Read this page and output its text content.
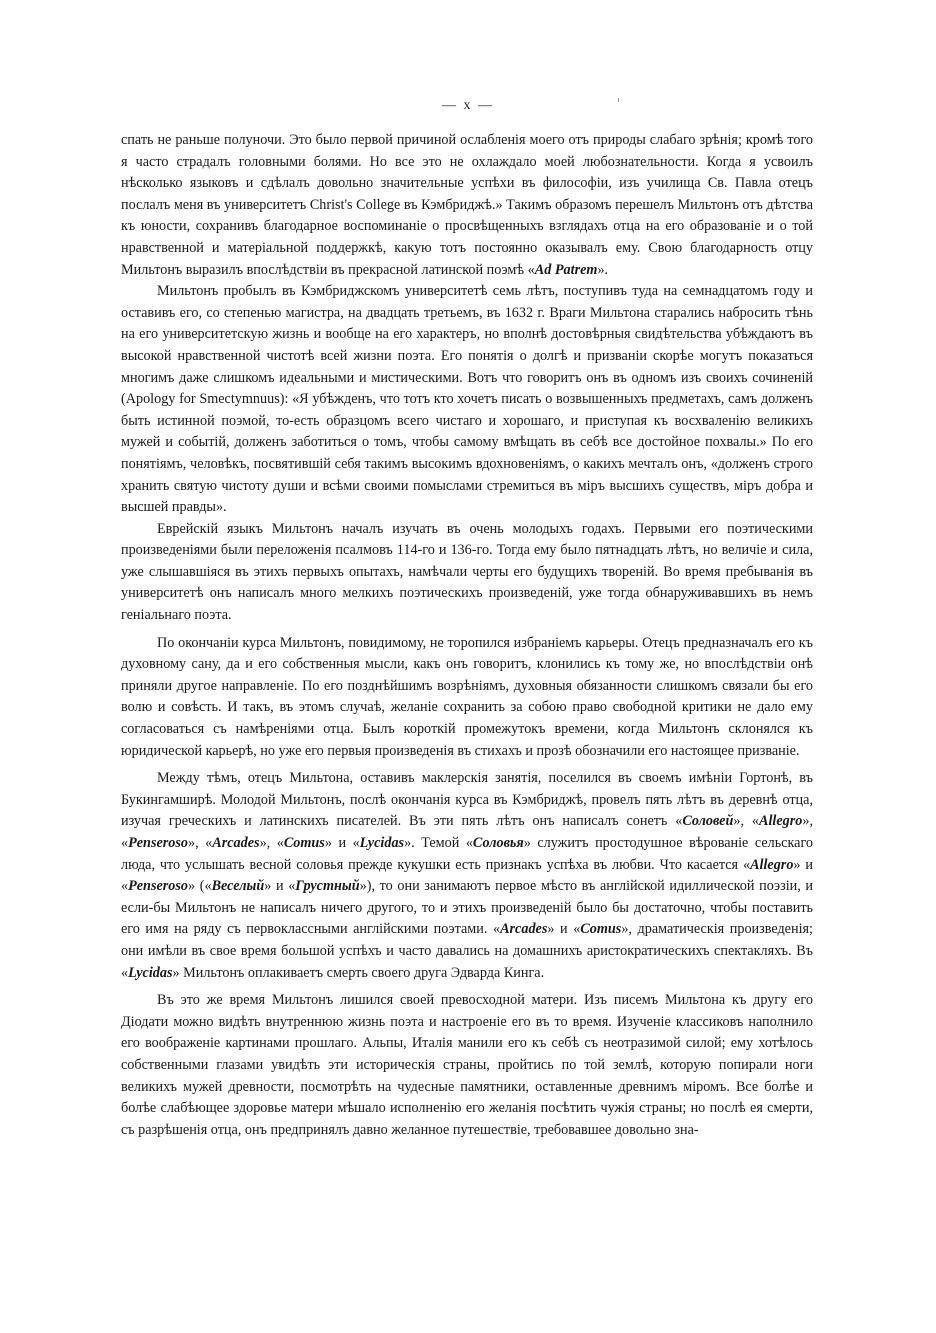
— x —

спать не раньше полуночи. Это было первой причиной ослабленія моего отъ природы слабаго зрѣнія; кромѣ того я часто страдалъ головными болями. Но все это не охлаждало моей любознательности. Когда я усвоилъ нѣсколько языковъ и сдѣлалъ довольно значительные успѣхи въ философіи, изъ училища Св. Павла отецъ послалъ меня въ университетъ Christ's College въ Кэмбриджѣ.» Такимъ образомъ перешелъ Мильтонъ отъ дѣтства къ юности, сохранивъ благодарное воспоминаніе о просвѣщенныхъ взглядахъ отца на его образованіе и о той нравственной и матеріальной поддержкѣ, какую тотъ постоянно оказывалъ ему. Свою благодарность отцу Мильтонъ выразилъ впослѣдствіи въ прекрасной латинской поэмѣ «Ad Patrem».

Мильтонъ пробылъ въ Кэмбриджскомъ университетѣ семь лѣтъ, поступивъ туда на семнадцатомъ году и оставивъ его, со степенью магистра, на двадцать третьемъ, въ 1632 г. Враги Мильтона старались набросить тѣнь на его университетскую жизнь и вообще на его характеръ, но вполнѣ достовѣрныя свидѣтельства убѣждаютъ въ высокой нравственной чистотѣ всей жизни поэта. Его понятія о долгѣ и призваніи скорѣе могутъ показаться многимъ даже слишкомъ идеальными и мистическими. Вотъ что говоритъ онъ въ одномъ изъ своихъ сочиненій (Apology for Smectymnuus): «Я убѣжденъ, что тотъ кто хочетъ писать о возвышенныхъ предметахъ, самъ долженъ быть истинной поэмой, то-есть образцомъ всего чистаго и хорошаго, и приступая къ восхваленію великихъ мужей и событій, долженъ заботиться о томъ, чтобы самому вмѣщать въ себѣ все достойное похвалы.» По его понятіямъ, человѣкъ, посвятившій себя такимъ высокимъ вдохновеніямъ, о какихъ мечталъ онъ, «долженъ строго хранить святую чистоту души и всѣми своими помыслами стремиться въ міръ высшихъ существъ, міръ добра и высшей правды».

Еврейскій языкъ Мильтонъ началъ изучать въ очень молодыхъ годахъ. Первыми его поэтическими произведеніями были переложенія псалмовъ 114-го и 136-го. Тогда ему было пятнадцать лѣтъ, но величіе и сила, уже слышавшіяся въ этихъ первыхъ опытахъ, намѣчали черты его будущихъ твореній. Во время пребыванія въ университетѣ онъ написалъ много мелкихъ поэтическихъ произведеній, уже тогда обнаруживавшихъ въ немъ геніальнаго поэта.

По окончаніи курса Мильтонъ, повидимому, не торопился избраніемъ карьеры. Отецъ предназначалъ его къ духовному сану, да и его собственныя мысли, какъ онъ говоритъ, клонились къ тому же, но впослѣдствіи онѣ приняли другое направленіе. По его позднѣйшимъ возрѣніямъ, духовныя обязанности слишкомъ связали бы его волю и совѣсть. И такъ, въ этомъ случаѣ, желаніе сохранить за собою право свободной критики не дало ему согласоваться съ намѣреніями отца. Былъ короткій промежутокъ времени, когда Мильтонъ склонялся къ юридической карьерѣ, но уже его первыя произведенія въ стихахъ и прозѣ обозначили его настоящее призваніе.

Между тѣмъ, отецъ Мильтона, оставивъ маклерскія занятія, поселился въ своемъ имѣніи Гортонѣ, въ Букингамширѣ. Молодой Мильтонъ, послѣ окончанія курса въ Кэмбриджѣ, провелъ пять лѣтъ въ деревнѣ отца, изучая греческихъ и латинскихъ писателей. Въ эти пять лѣтъ онъ написалъ сонетъ «Соловей», «Allegro», «Penseroso», «Arcades», «Comus» и «Lycidas». Темой «Соловья» служитъ простодушное вѣрованіе сельскаго люда, что услышать весной соловья прежде кукушки есть признакъ успѣха въ любви. Что касается «Allegro» и «Penseroso» («Веселый» и «Грустный»), то они занимаютъ первое мѣсто въ англійской идиллической поэзіи, и если-бы Мильтонъ не написалъ ничего другого, то и этихъ произведеній было бы достаточно, чтобы поставить его имя на ряду съ первоклассными англійскими поэтами. «Arcades» и «Comus», драматическія произведенія; они имѣли въ свое время большой успѣхъ и часто давались на домашнихъ аристократическихъ спектакляхъ. Въ «Lycidas» Мильтонъ оплакиваетъ смерть своего друга Эдварда Кинга.

Въ это же время Мильтонъ лишился своей превосходной матери. Изъ писемъ Мильтона къ другу его Діодати можно видѣть внутреннюю жизнь поэта и настроеніе его въ то время. Изученіе классиковъ наполнило его воображеніе картинами прошлаго. Альпы, Италія манили его къ себѣ съ неотразимой силой; ему хотѣлось собственными глазами увидѣть эти историческія страны, пройтись по той землѣ, которую попирали ноги великихъ мужей древности, посмотрѣть на чудесные памятники, оставленные древнимъ міромъ. Все болѣе и болѣе слабѣющее здоровье матери мѣшало исполненію его желанія посѣтить чужія страны; но послѣ ея смерти, съ разрѣшенія отца, онъ предпринялъ давно желанное путешествіе, требовавшее довольно зна-
